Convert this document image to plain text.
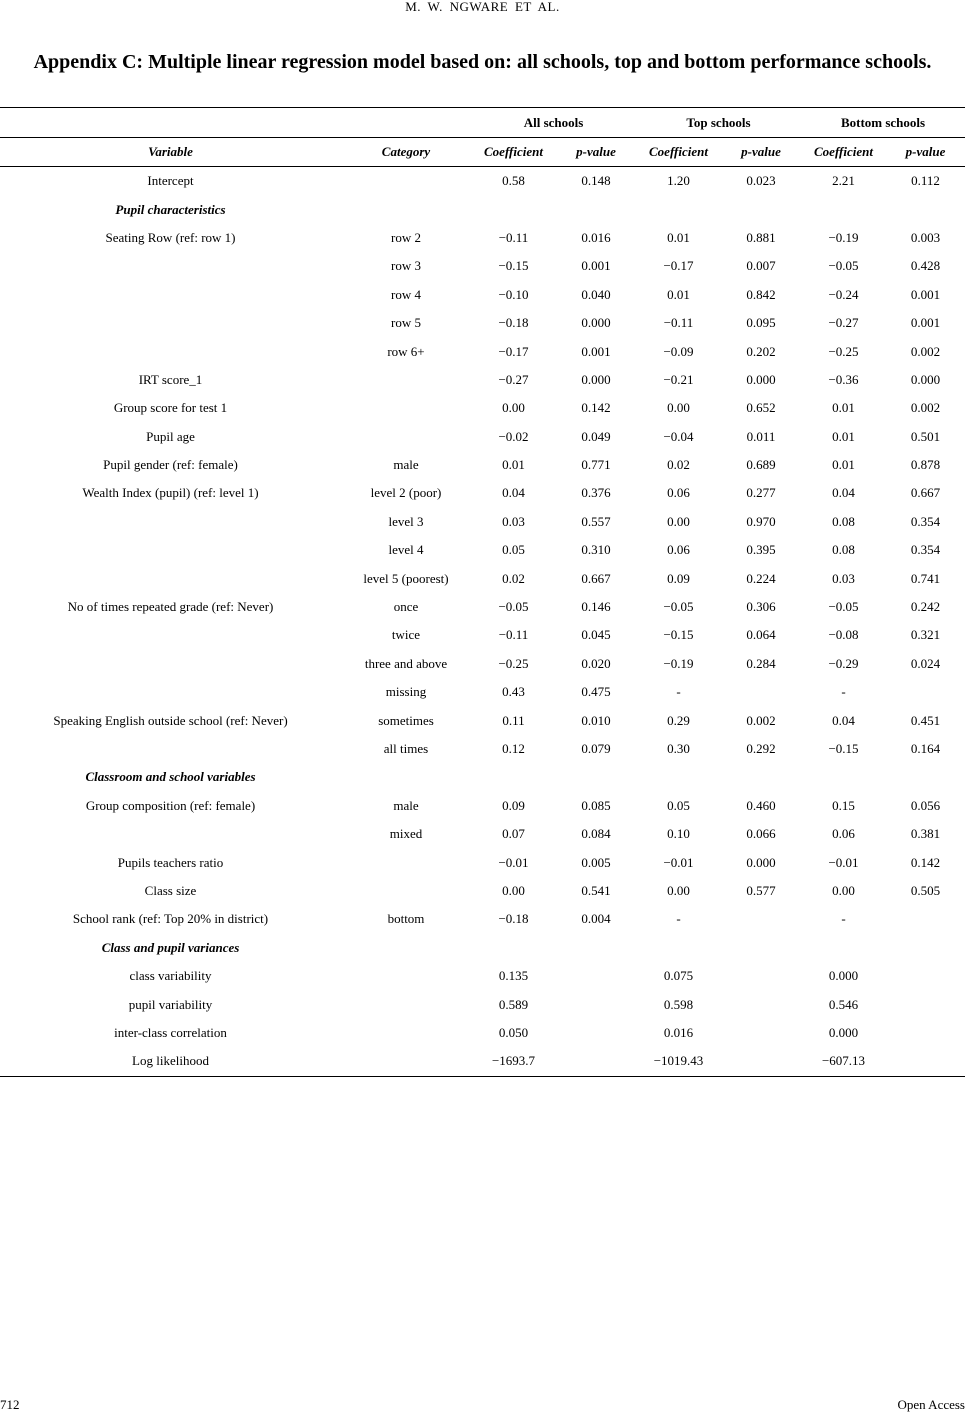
M. W. NGWARE ET AL.
Appendix C: Multiple linear regression model based on: all schools, top and bottom performance schools.
		All schools		Top schools		Bottom schools	
Variable	Category	Coefficient	p-value	Coefficient	p-value	Coefficient	p-value
Intercept		0.58	0.148	1.20	0.023	2.21	0.112
Pupil characteristics							
Seating Row (ref: row 1)	row 2	−0.11	0.016	0.01	0.881	−0.19	0.003
	row 3	−0.15	0.001	−0.17	0.007	−0.05	0.428
	row 4	−0.10	0.040	0.01	0.842	−0.24	0.001
	row 5	−0.18	0.000	−0.11	0.095	−0.27	0.001
	row 6+	−0.17	0.001	−0.09	0.202	−0.25	0.002
IRT score_1		−0.27	0.000	−0.21	0.000	−0.36	0.000
Group score for test 1		0.00	0.142	0.00	0.652	0.01	0.002
Pupil age		−0.02	0.049	−0.04	0.011	0.01	0.501
Pupil gender (ref: female)	male	0.01	0.771	0.02	0.689	0.01	0.878
Wealth Index (pupil) (ref: level 1)	level 2 (poor)	0.04	0.376	0.06	0.277	0.04	0.667
	level 3	0.03	0.557	0.00	0.970	0.08	0.354
	level 4	0.05	0.310	0.06	0.395	0.08	0.354
	level 5 (poorest)	0.02	0.667	0.09	0.224	0.03	0.741
No of times repeated grade (ref: Never)	once	−0.05	0.146	−0.05	0.306	−0.05	0.242
	twice	−0.11	0.045	−0.15	0.064	−0.08	0.321
	three and above	−0.25	0.020	−0.19	0.284	−0.29	0.024
	missing	0.43	0.475	-		-	
Speaking English outside school (ref: Never)	sometimes	0.11	0.010	0.29	0.002	0.04	0.451
	all times	0.12	0.079	0.30	0.292	−0.15	0.164
Classroom and school variables							
Group composition (ref: female)	male	0.09	0.085	0.05	0.460	0.15	0.056
	mixed	0.07	0.084	0.10	0.066	0.06	0.381
Pupils teachers ratio		−0.01	0.005	−0.01	0.000	−0.01	0.142
Class size		0.00	0.541	0.00	0.577	0.00	0.505
School rank (ref: Top 20% in district)	bottom	−0.18	0.004	-		-	
Class and pupil variances							
class variability		0.135		0.075		0.000	
pupil variability		0.589		0.598		0.546	
inter-class correlation		0.050		0.016		0.000	
Log likelihood		−1693.7		−1019.43		−607.13	
712	Open Access
